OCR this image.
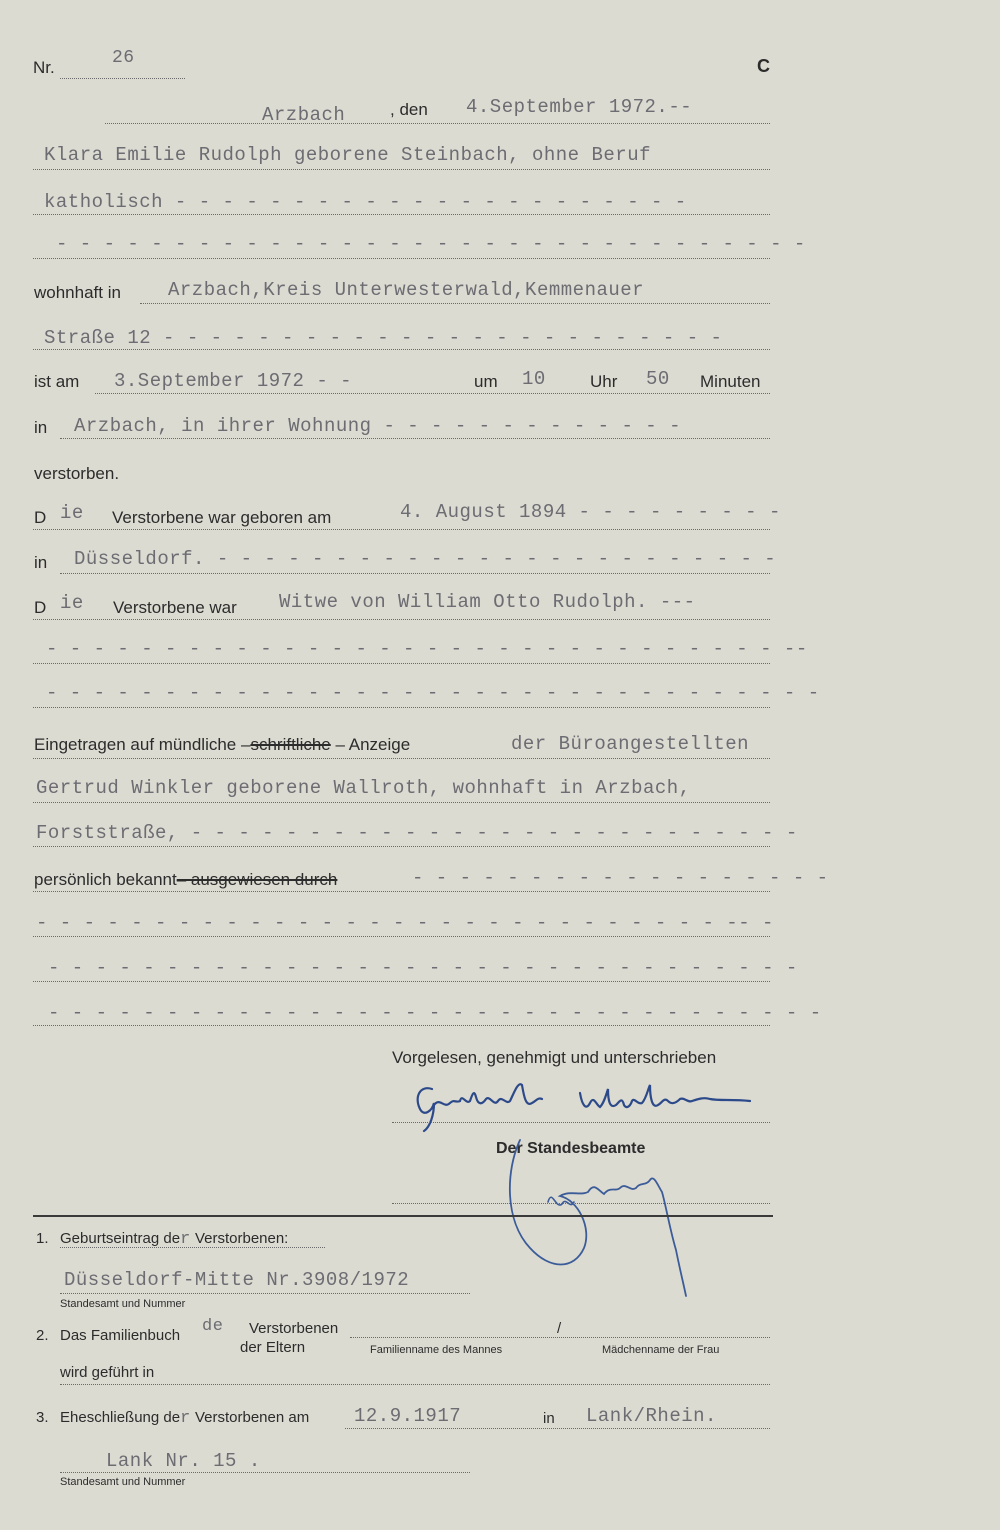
Nr.	26	C
Arzbach	, den 4.September 1972.--
Klara Emilie Rudolph geborene Steinbach, ohne Beruf
katholisch - - - - - - - - - - - - - - - - - - - - - -
- - - - - - - - - - - - - - - - - - - - - - - - - - - - - - - -
wohnhaft in Arzbach,Kreis Unterwesterwald,Kemmenauer
Straße 12 - - - - - - - - - - - - - - - - - - - - - - - -
ist am 3.September 1972 - -	um 10	Uhr 50 Minuten
in Arzbach, in ihrer Wohnung - - - - - - - - - - - - -
verstorben.
D ie Verstorbene war geboren am	4. August 1894 - - - - - - - - -
in Düsseldorf. - - - - - - - - - - - - - - - - - - - - - - - -
D ie Verstorbene war Witwe von William Otto Rudolph. ---
- - - - - - - - - - - - - - - - - - - - - - - - - - - - - - - --
- - - - - - - - - - - - - - - - - - - - - - - - - - - - - - - - -
Eingetragen auf mündliche –schriftliche – Anzeige	der Büroangestellten
Gertrud Winkler geborene Wallroth, wohnhaft in Arzbach,
Forststraße, - - - - - - - - - - - - - - - - - - - - - - - - - -
persönlich bekannt– ausgewiesen durch	- - - - - - - - - - - - - - - - - -
- - - - - - - - - - - - - - - - - - - - - - - - - - - - - -- -
- - - - - - - - - - - - - - - - - - - - - - - - - - - - - - - -
- - - - - - - - - - - - - - - - - - - - - - - - - - - - - - - - -
Vorgelesen, genehmigt und unterschrieben
Der Standesbeamte
1. Geburtseintrag der Verstorbenen:
Düsseldorf-Mitte Nr.3908/1972
Standesamt und Nummer
2. Das Familienbuch de Verstorbenen
der Eltern
/
Familienname des Mannes	Mädchenname der Frau
wird geführt in
3. Eheschließung der Verstorbenen am 12.9.1917	in Lank/Rhein.
Lank Nr. 15 .
Standesamt und Nummer
